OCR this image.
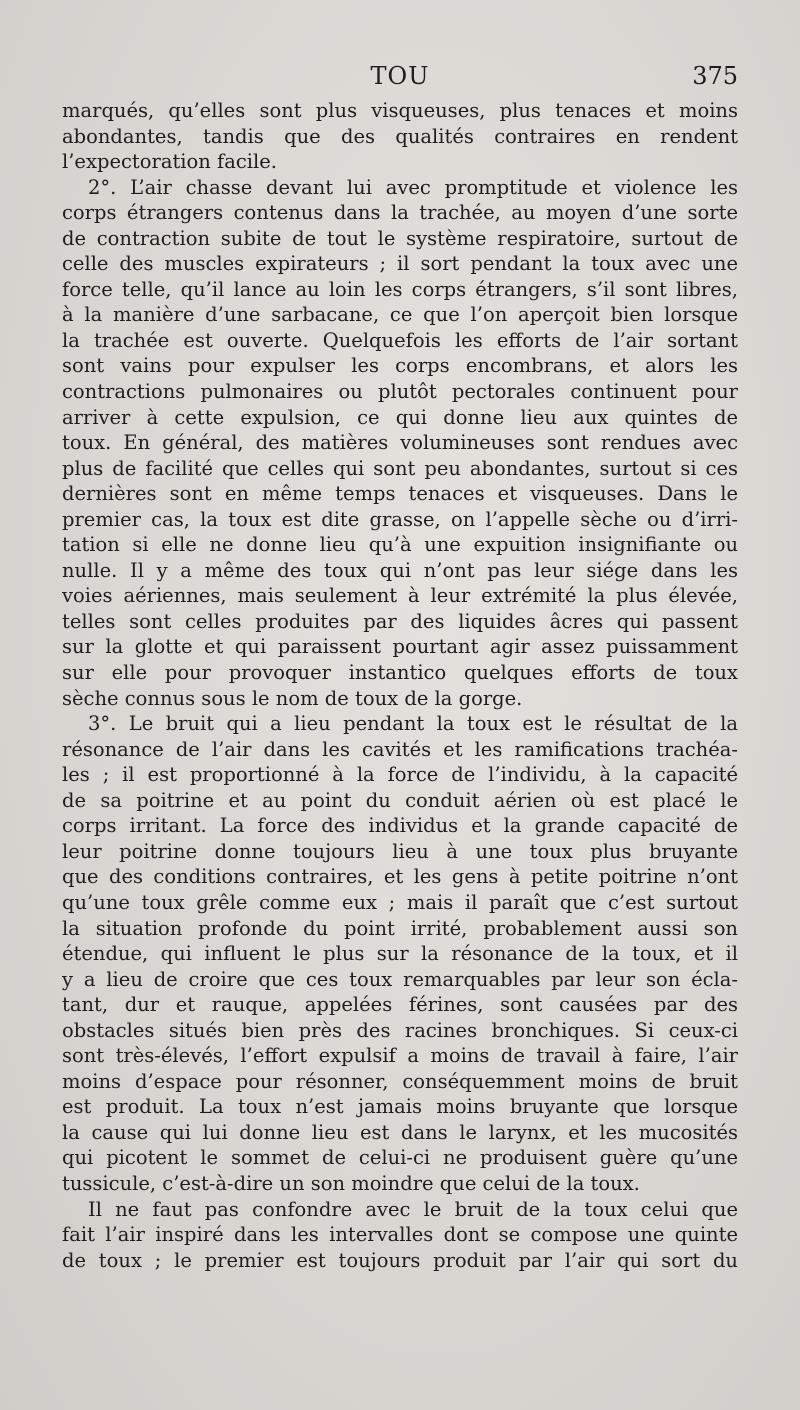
TOU	375
marqués, qu’elles sont plus visqueuses, plus tenaces et moins
abondantes, tandis que des qualités contraires en rendent
l’expectoration facile.
2°. L’air chasse devant lui avec promptitude et violence les
corps étrangers contenus dans la trachée, au moyen d’une sorte
de contraction subite de tout le système respiratoire, surtout de
celle des muscles expirateurs ; il sort pendant la toux avec une
force telle, qu’il lance au loin les corps étrangers, s’il sont libres,
à la manière d’une sarbacane, ce que l’on aperçoit bien lorsque
la trachée est ouverte. Quelquefois les efforts de l’air sortant
sont vains pour expulser les corps encombrans, et alors les
contractions pulmonaires ou plutôt pectorales continuent pour
arriver à cette expulsion, ce qui donne lieu aux quintes de
toux. En général, des matières volumineuses sont rendues avec
plus de facilité que celles qui sont peu abondantes, surtout si ces
dernières sont en même temps tenaces et visqueuses. Dans le
premier cas, la toux est dite grasse, on l’appelle sèche ou d’irri-
tation si elle ne donne lieu qu’à une expuition insignifiante ou
nulle. Il y a même des toux qui n’ont pas leur siége dans les
voies aériennes, mais seulement à leur extrémité la plus élevée,
telles sont celles produites par des liquides âcres qui passent
sur la glotte et qui paraissent pourtant agir assez puissamment
sur elle pour provoquer instantico quelques efforts de toux
sèche connus sous le nom de toux de la gorge.
3°. Le bruit qui a lieu pendant la toux est le résultat de la
résonance de l’air dans les cavités et les ramifications trachéa-
les ; il est proportionné à la force de l’individu, à la capacité
de sa poitrine et au point du conduit aérien où est placé le
corps irritant. La force des individus et la grande capacité de
leur poitrine donne toujours lieu à une toux plus bruyante
que des conditions contraires, et les gens à petite poitrine n’ont
qu’une toux grêle comme eux ; mais il paraît que c’est surtout
la situation profonde du point irrité, probablement aussi son
étendue, qui influent le plus sur la résonance de la toux, et il
y a lieu de croire que ces toux remarquables par leur son écla-
tant, dur et rauque, appelées férines, sont causées par des
obstacles situés bien près des racines bronchiques. Si ceux-ci
sont très-élevés, l’effort expulsif a moins de travail à faire, l’air
moins d’espace pour résonner, conséquemment moins de bruit
est produit. La toux n’est jamais moins bruyante que lorsque
la cause qui lui donne lieu est dans le larynx, et les mucosités
qui picotent le sommet de celui-ci ne produisent guère qu’une
tussicule, c’est-à-dire un son moindre que celui de la toux.
Il ne faut pas confondre avec le bruit de la toux celui que
fait l’air inspiré dans les intervalles dont se compose une quinte
de toux ; le premier est toujours produit par l’air qui sort du
